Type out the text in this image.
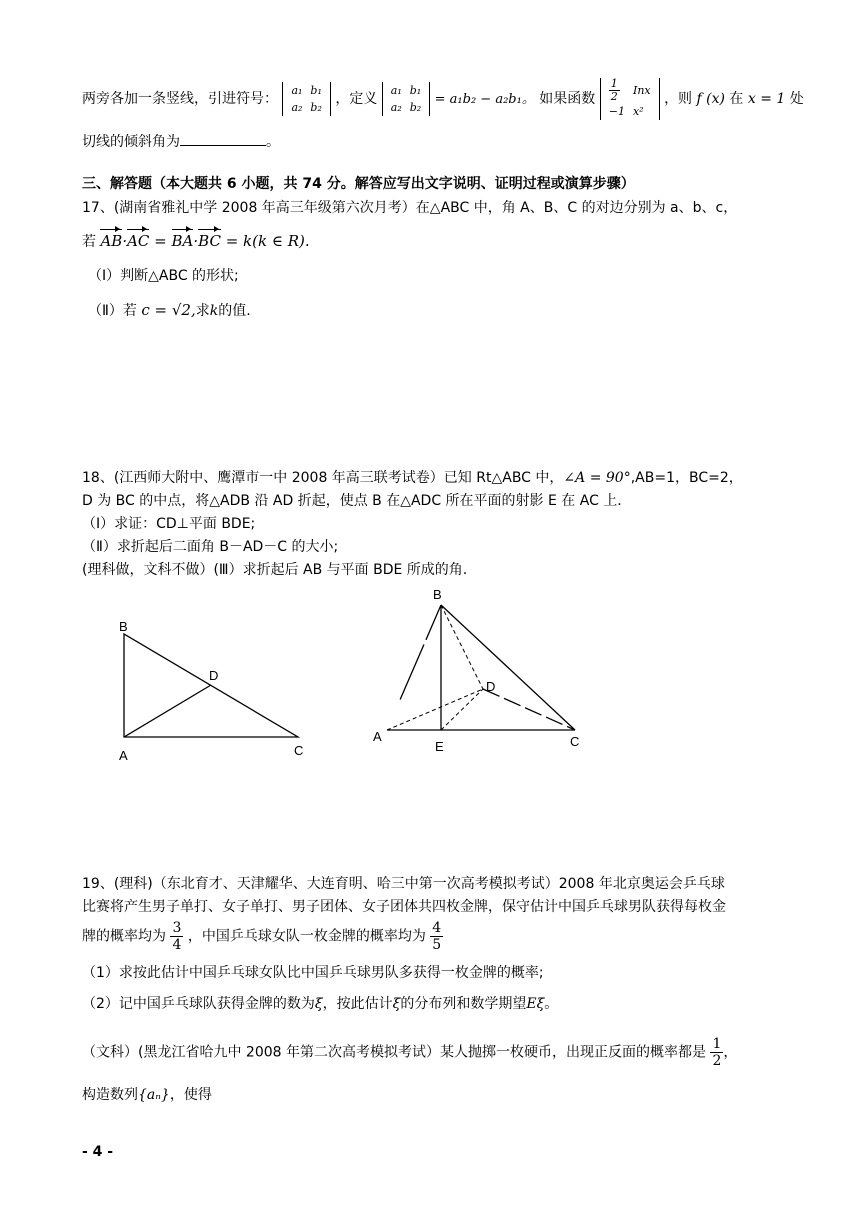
两旁各加一条竖线，引进符号：
a₁	b₁
a₂	b₂
，定义
a₁	b₁
a₂	b₂
= a₁b₂ − a₂b₁。 如果函数 $\frac{1}{2}$	Inx
−1	x²
，则 f (x) 在 x = 1 处
切线的倾斜角为	。
三、解答题（本大题共 6 小题，共 74 分。解答应写出文字说明、证明过程或演算步骤）
17、(湖南省雅礼中学 2008 年高三年级第六次月考）在△ABC 中，角 A、B、C 的对边分别为 a、b、c，
若 AB·AC = BA·BC = k(k ∈ R).
（Ⅰ）判断△ABC 的形状;
（Ⅱ）若 c = √2,求k的值.
18、(江西师大附中、鹰潭市一中 2008 年高三联考试卷）已知 Rt△ABC 中，∠A = 90°,AB=1，BC=2，
D 为 BC 的中点，将△ADB 沿 AD 折起，使点 B 在△ADC 所在平面的射影 E 在 AC 上.
（Ⅰ）求证：CD⊥平面 BDE;
（Ⅱ）求折起后二面角 B－AD－C 的大小;
(理科做，文科不做）(Ⅲ）求折起后 AB 与平面 BDE 所成的角.
B
D
A	C
B
D
A
E	C
19、(理科)（东北育才、天津耀华、大连育明、哈三中第一次高考模拟考试）2008 年北京奥运会乒乓球
比赛将产生男子单打、女子单打、男子团体、女子团体共四枚金牌，保守估计中国乒乓球男队获得每枚金
牌的概率均为 $\frac{3}{4}$ ，中国乒乓球女队一枚金牌的概率均为 $\frac{4}{5}$
（1）求按此估计中国乒乓球女队比中国乒乓球男队多获得一枚金牌的概率;
（2）记中国乒乓球队获得金牌的数为ξ，按此估计ξ的分布列和数学期望Eξ。
（文科）(黑龙江省哈九中 2008 年第二次高考模拟考试）某人抛掷一枚硬币，出现正反面的概率都是 $\frac{1}{2}$ ，
构造数列{aₙ}，使得
- 4 -
